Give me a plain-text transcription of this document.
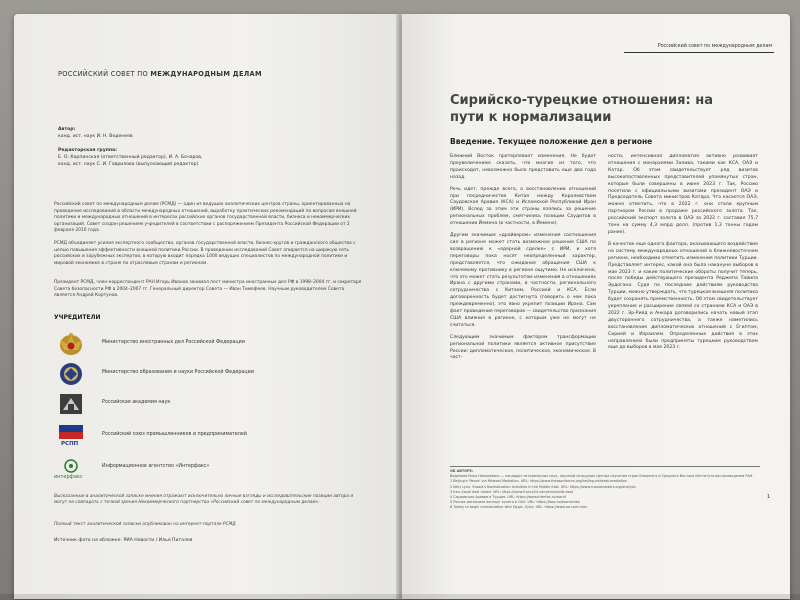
РОССИЙСКИЙ СОВЕТ ПО МЕЖДУНАРОДНЫМ ДЕЛАМ
Автор:
канд. ист. наук И. Н. Веденеев
Редакторская группа:
Е. О. Карпинская (ответственный редактор), И. А. Бочаров,
канд. ист. наук С. И. Гаврилова (выпускающий редактор)
Российский совет по международным делам (РСМД) — один из ведущих аналитических центров страны, ориентированных на проведение исследований в области международных отношений, выработку практических рекомендаций по вопросам внешней политики и международных отношений в интересах российских органов государственной власти, бизнеса и некоммерческих организаций. Совет создан решением учредителей в соответствии с распоряжением Президента Российской Федерации от 2 февраля 2010 года.
РСМД объединяет усилия экспертного сообщества, органов государственной власти, бизнес-кругов и гражданского общества с целью повышения эффективности внешней политики России. В проведении исследований Совет опирается на широкую сеть российских и зарубежных экспертов, в которую входит порядка 1000 ведущих специалистов по международной политике и мировой экономике в стране по отраслевым странам и регионам.
Президент РСМД, член-корреспондент РАН Игорь Иванов занимал пост министра иностранных дел РФ в 1998–2004 гг. и секретаря Совета безопасности РФ в 2004–2007 гг. Генеральный директор Совета — Иван Тимофеев. Научным руководителем Совета является Андрей Кортунов.
УЧРЕДИТЕЛИ
Министерство иностранных дел Российской Федерации
Министерство образования и науки Российской Федерации
Российская академия наук
РСПП
Российский союз промышленников и предпринимателей
интерфакс
Информационное агентство «Интерфакс»
Высказанные в аналитической записке мнения отражают исключительно личные взгляды и исследовательские позиции автора и могут не совпадать с точкой зрения Некоммерческого партнерства «Российский совет по международным делам».
Полный текст аналитической записки опубликован на интернет-портале РСМД
Источник фото на обложке: РИА Новости / Илья Питалев
Российский совет по международным делам
Сирийско-турецкие отношения: на пути к нормализации
Введение. Текущее положение дел в регионе

Ближний Восток претерпевает изменения. Не будет преувеличением сказать, что многие из того, что происходит, невозможно было представить еще два года назад.

Речь идет, прежде всего, о восстановлении отношений при посредничестве Китая между Королевством Саудовская Аравия (КСА) и Исламской Республикой Иран (ИРИ). Вслед за этим эти страны взялись за решение региональных проблем, смягчились позиции Саудитов в отношении Йемена (в частности, в Йемене).

Другим значимым «драйвером» изменения соотношения сил в регионе может стать возможное решение США по возвращению к «ядерной сделке» с ИРИ, и хотя переговоры пока носят неопределенный характер, представляется, что ожидание обращения США к ключевому противнику в регионе ощутимо. Не исключено, что это может стать результатом изменения в отношениях Ирана с другими странами, в частности, регионального сотрудничества с Китаем, Россией и КСА. Если договоренность будет достигнута (говорить о чем пока преждевременно), это явно укрепит позиции Ирана. Сам факт проведения переговоров — свидетельство признания США влияния в регионе, с которым уже не могут не считаться.

Следующим значимым фактором трансформации региональной политики является активное присутствие России: дипломатическое, политическое, экономическое. В част-

ности, интенсивная дипломатия активно развивает отношения с монархиями Залива, такими как КСА, ОАЭ и Катар. Об этом свидетельствует ряд визитов высокопоставленных представителей упомянутых стран, которые были совершены в июне 2023 г. Так, Россию посетили с официальными визитами президент ОАЭ и Председатель Совета министров Катара. Что касается ОАЭ, можно отметить, что в 2022 г. они стали крупным партнером России в продаже российского золота. Так, российский экспорт золота в ОАЭ за 2022 г. составил 75,7 тонн на сумму 4,3 млрд долл. (против 1,3 тонны годом ранее).

В качестве еще одного фактора, оказывающего воздействие на систему международных отношений в ближневосточном регионе, необходимо отметить изменения политики Турции. Представляет интерес, какой она была накануне выборов в мае 2023 г. и какие политические обороты получит теперь, после победы действующего президента Реджепа Тайипа Эрдогана. Судя по последним действиям руководства Турции, можно утверждать, что турецкая внешняя политика будет сохранять преемственность. Об этом свидетельствует укрепление и расширение связей со странами КСА и ОАЭ в 2022 г. Эр-Рияд и Анкара договорились начать новый этап двустороннего сотрудничества, а также наметились восстановление дипломатических отношений с Египтом, Сирией и Израилем. Определенные действия в этих направлениях были предприняты турецким руководством еще до выборов в мае 2023 г.

ОБ АВТОРЕ:
Веденеев Илья Николаевич — кандидат исторических наук, научный сотрудник Центра изучения стран Ближнего и Среднего Востока Института востоковедения РАН.
1 Beijing's 'Peace' via Mideast Mediation. URL: https://www.theasanforum.org/beijing-mideast-mediation
2 Kelly Lynn. Russia's Normalization Activities in the Middle East. URL: https://www.russiamatters.org/analysis
3 Iran–Saudi deal hailed. URL: https://www.france24.com/en/middle-east
4 Саудовская Аравия и Турция. URL: https://www.interfax.ru/world
5 Россия увеличила экспорт золота в ОАЭ. URL: https://tass.ru/ekonomika
6 Turkey to begin normalization with Egypt, Syria. URL: https://www.aa.com.tr/en
1
